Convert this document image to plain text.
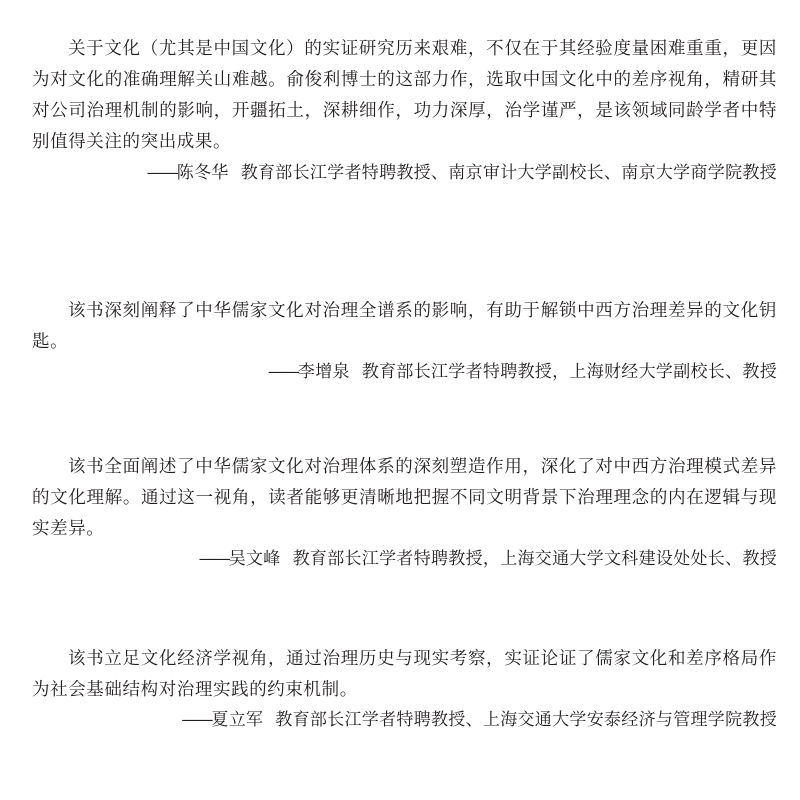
关于文化（尤其是中国文化）的实证研究历来艰难，不仅在于其经验度量困难重重，更因为对文化的准确理解关山难越。俞俊利博士的这部力作，选取中国文化中的差序视角，精研其对公司治理机制的影响，开疆拓土，深耕细作，功力深厚，治学谨严，是该领域同龄学者中特别值得关注的突出成果。

——陈冬华 教育部长江学者特聘教授、南京审计大学副校长、南京大学商学院教授

该书深刻阐释了中华儒家文化对治理全谱系的影响，有助于解锁中西方治理差异的文化钥匙。

——李增泉 教育部长江学者特聘教授，上海财经大学副校长、教授

该书全面阐述了中华儒家文化对治理体系的深刻塑造作用，深化了对中西方治理模式差异的文化理解。通过这一视角，读者能够更清晰地把握不同文明背景下治理理念的内在逻辑与现实差异。

——吴文峰 教育部长江学者特聘教授，上海交通大学文科建设处处长、教授

该书立足文化经济学视角，通过治理历史与现实考察，实证论证了儒家文化和差序格局作为社会基础结构对治理实践的约束机制。

——夏立军 教育部长江学者特聘教授、上海交通大学安泰经济与管理学院教授
